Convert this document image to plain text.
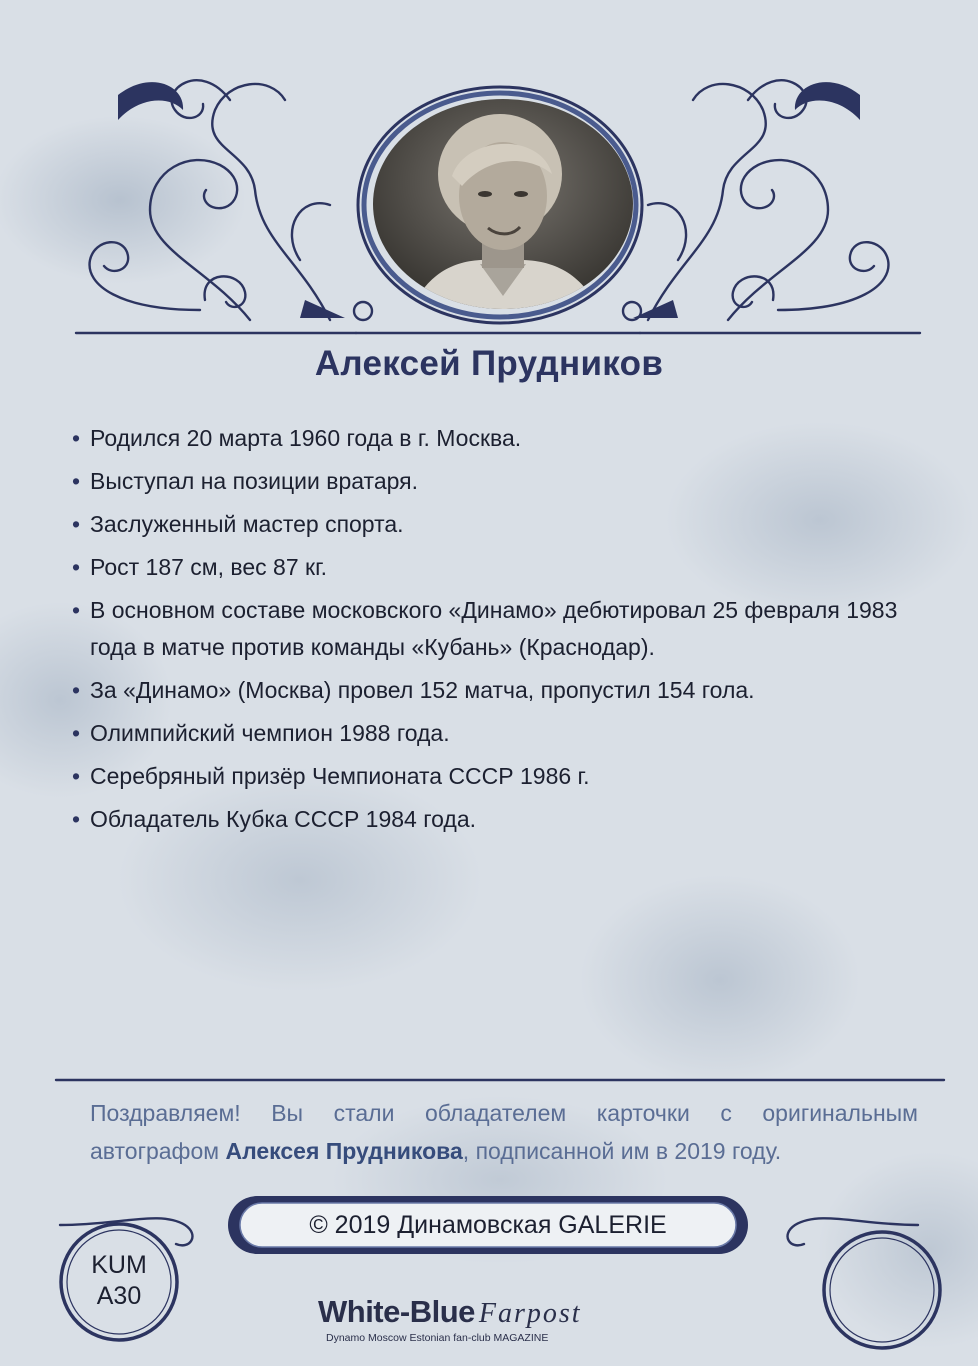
Алексей Прудников
• Родился 20 марта 1960 года в г. Москва.
• Выступал на позиции вратаря.
• Заслуженный мастер спорта.
• Рост 187 см, вес 87 кг.
• В основном составе московского «Динамо» дебютировал 25 февраля 1983 года в матче против команды «Кубань» (Краснодар).
• За «Динамо» (Москва) провел 152 матча, пропустил 154 гола.
• Олимпийский чемпион 1988 года.
• Серебряный призёр Чемпионата СССР 1986 г.
• Обладатель Кубка СССР 1984 года.
Поздравляем! Вы стали обладателем карточки с оригинальным
автографом Алексея Прудникова, подписанной им в 2019 году.
© 2019 Динамовская GALERIE
KUM
A30	White-Blue Farpost
Dynamo Moscow Estonian fan-club MAGAZINE
